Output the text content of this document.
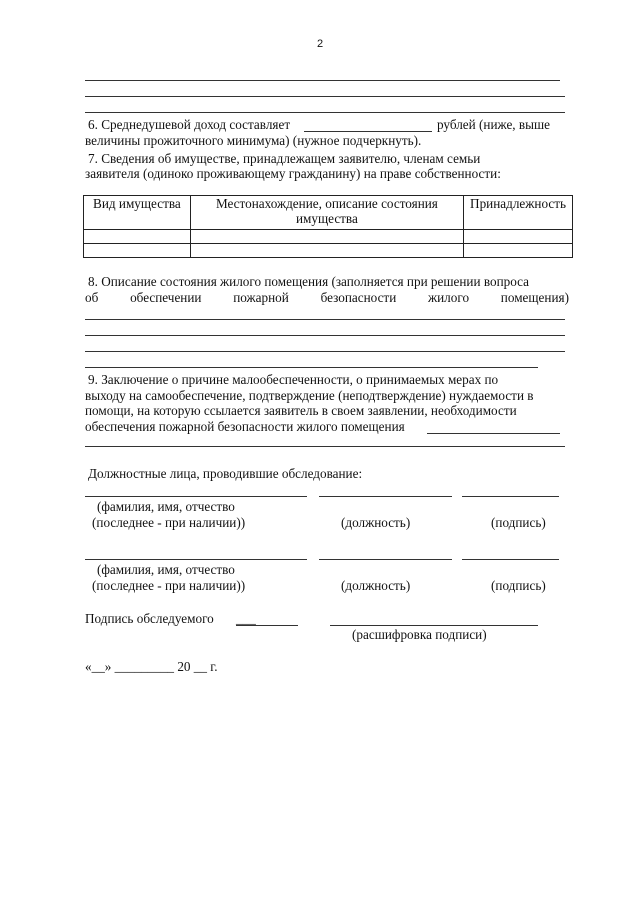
2
6. Среднедушевой доход составляет	рублей (ниже, выше
величины прожиточного минимума) (нужное подчеркнуть).
7. Сведения об имуществе, принадлежащем заявителю, членам семьи
заявителя (одиноко проживающему гражданину) на праве собственности:
Вид имущества	Местонахождение, описание состояния имущества	Принадлежность

8. Описание состояния жилого помещения (заполняется при решении вопроса
об обеспечении пожарной безопасности жилого помещения)
9. Заключение о причине малообеспеченности, о принимаемых мерах по
выходу на самообеспечение, подтверждение (неподтверждение) нуждаемости в
помощи, на которую ссылается заявитель в своем заявлении, необходимости
обеспечения пожарной безопасности жилого помещения
Должностные лица, проводившие обследование:
(фамилия, имя, отчество
(последнее - при наличии))	(должность)	(подпись)
(фамилия, имя, отчество
(последнее - при наличии))	(должность)	(подпись)
Подпись обследуемого ___
(расшифровка подписи)
«__» _________ 20 __ г.
